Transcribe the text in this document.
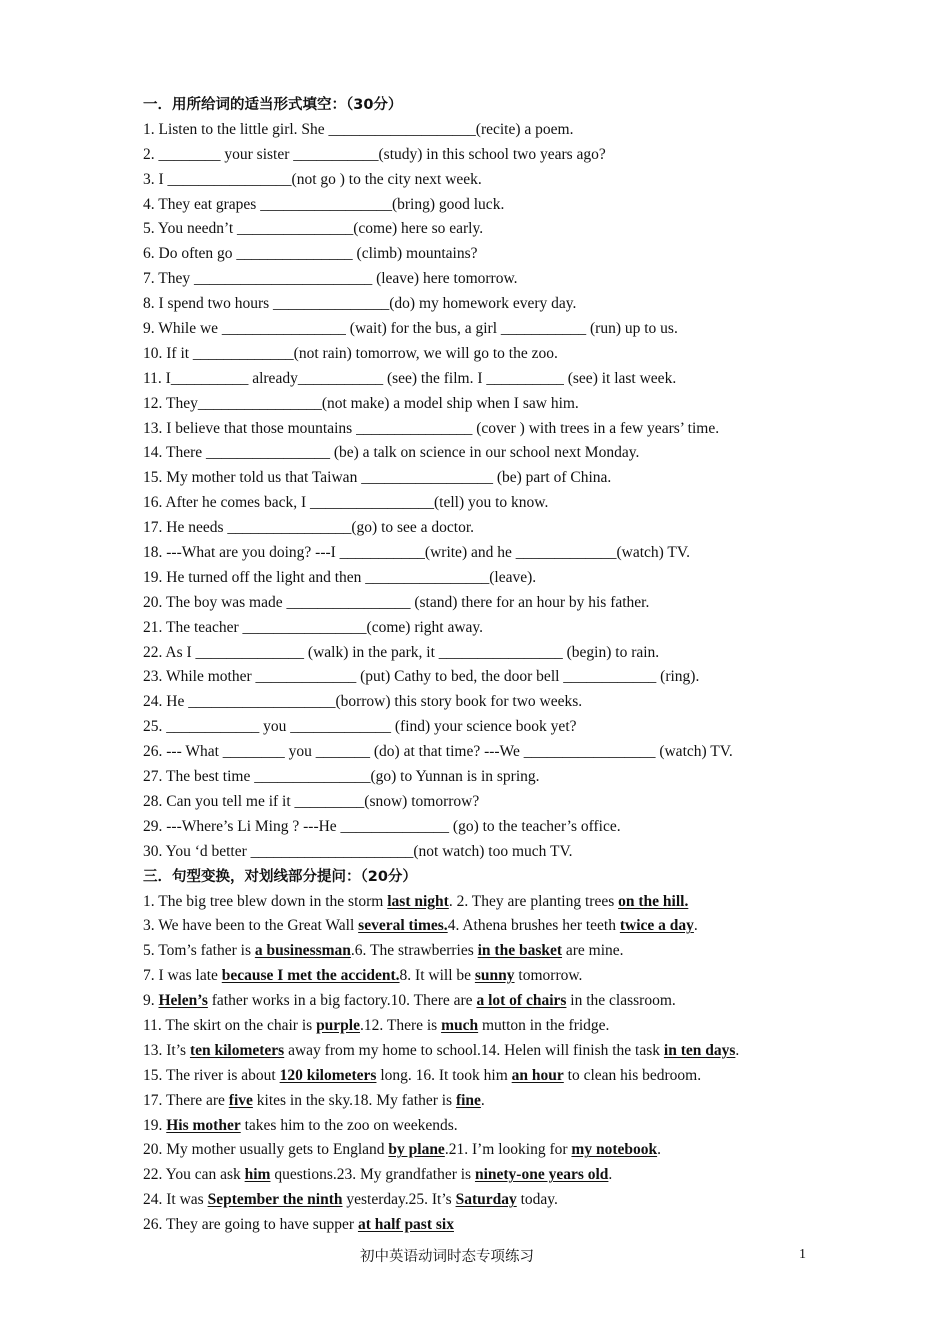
一．用所给词的适当形式填空：（30分）
1. Listen to the little girl. She ___________________(recite) a poem.
2. ________ your sister ___________(study) in this school two years ago?
3. I ________________(not go ) to the city next week.
4. They eat grapes _________________(bring) good luck.
5. You needn’t _______________(come) here so early.
6. Do often go _______________ (climb) mountains?
7. They _______________________ (leave) here tomorrow.
8. I spend two hours _______________(do) my homework every day.
9. While we ________________ (wait) for the bus, a girl ___________ (run) up to us.
10. If it _____________(not rain) tomorrow, we will go to the zoo.
11. I__________ already___________ (see) the film. I __________ (see) it last week.
12. They________________(not make) a model ship when I saw him.
13. I believe that those mountains _______________ (cover ) with trees in a few years’ time.
14. There ________________ (be) a talk on science in our school next Monday.
15. My mother told us that Taiwan _________________ (be) part of China.
16. After he comes back, I ________________(tell) you to know.
17. He needs ________________(go) to see a doctor.
18. ---What are you doing? ---I ___________(write) and he _____________(watch) TV.
19. He turned off the light and then ________________(leave).
20. The boy was made ________________ (stand) there for an hour by his father.
21. The teacher ________________(come) right away.
22. As I ______________ (walk) in the park, it ________________ (begin) to rain.
23. While mother _____________ (put) Cathy to bed, the door bell ____________ (ring).
24. He ___________________(borrow) this story book for two weeks.
25. ____________ you _____________ (find) your science book yet?
26. --- What ________ you _______ (do) at that time? ---We _________________ (watch) TV.
27. The best time _______________(go) to Yunnan is in spring.
28. Can you tell me if it _________(snow) tomorrow?
29. ---Where’s Li Ming ? ---He ______________ (go) to the teacher’s office.
30. You ‘d better _____________________(not watch) too much TV.
三．句型变换，对划线部分提问：（20分）
1. The big tree blew down in the storm last night. 2. They are planting trees on the hill.
3. We have been to the Great Wall several times.4. Athena brushes her teeth twice a day.
5. Tom’s father is a businessman.6. The strawberries in the basket are mine.
7. I was late because I met the accident.8. It will be sunny tomorrow.
9. Helen’s father works in a big factory.10. There are a lot of chairs in the classroom.
11. The skirt on the chair is purple.12. There is much mutton in the fridge.
13. It’s ten kilometers away from my home to school.14. Helen will finish the task in ten days.
15. The river is about 120 kilometers long. 16. It took him an hour to clean his bedroom.
17. There are five kites in the sky.18. My father is fine.
19. His mother takes him to the zoo on weekends.
20. My mother usually gets to England by plane.21. I’m looking for my notebook.
22. You can ask him questions.23. My grandfather is ninety-one years old.
24. It was September the ninth yesterday.25. It’s Saturday today.
26. They are going to have supper at half past six
初中英语动词时态专项练习	1
